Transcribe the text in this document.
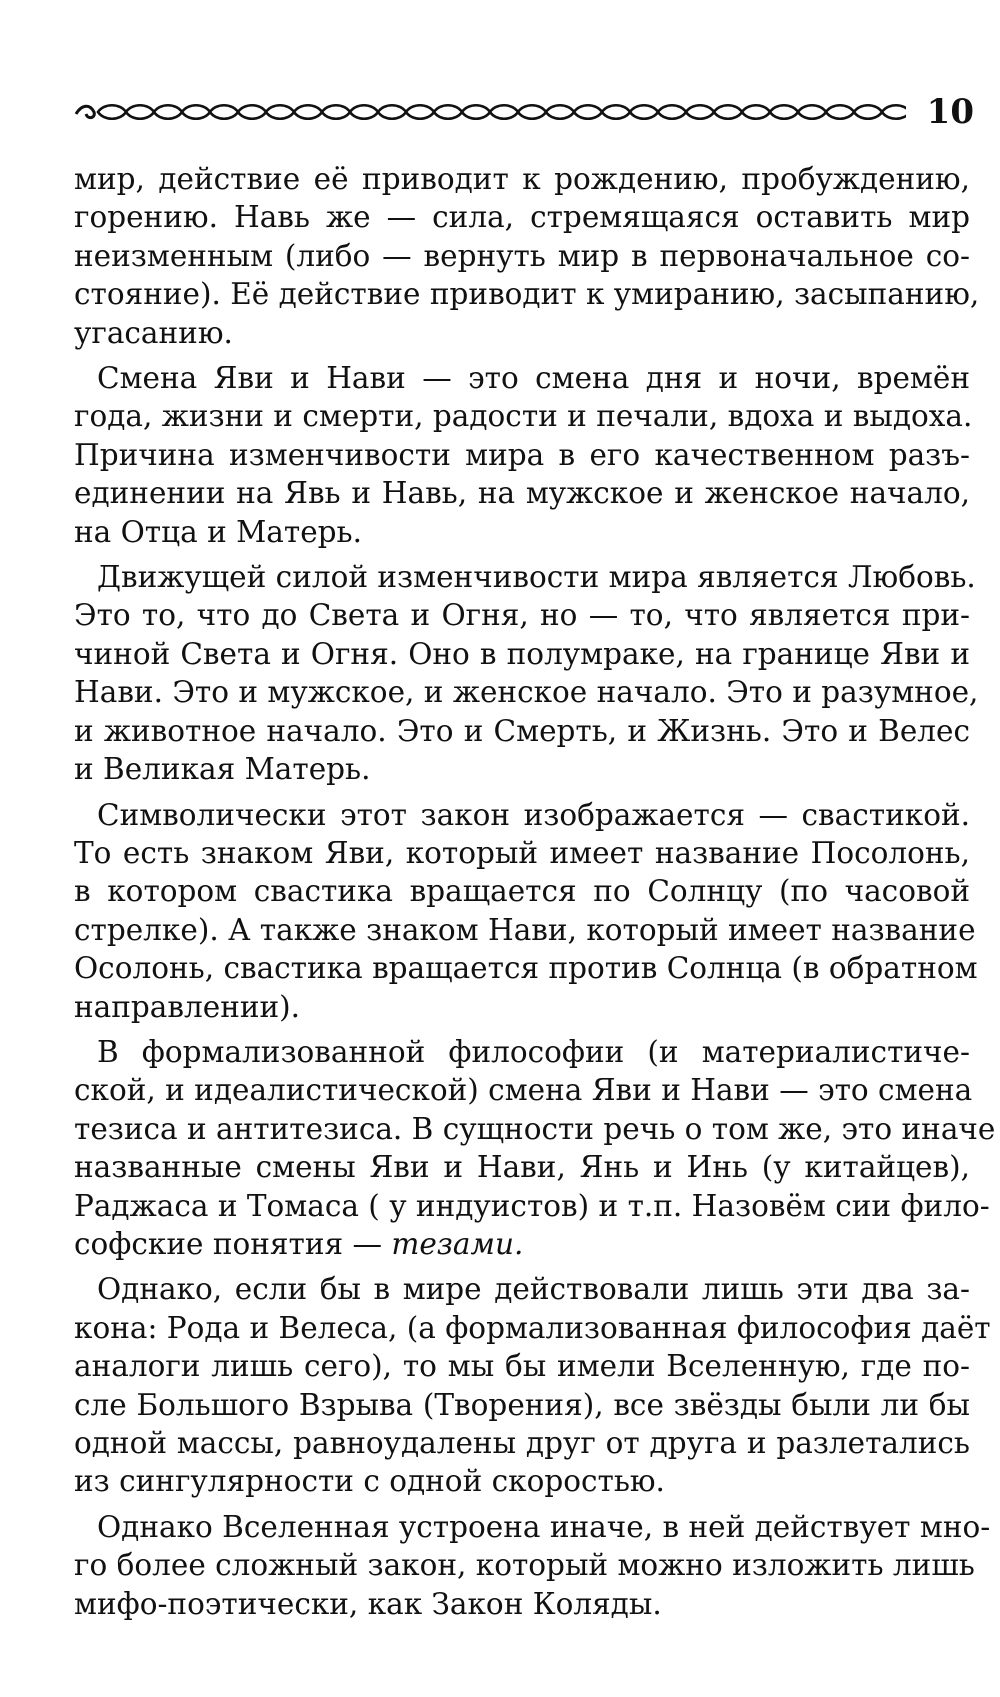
10

мир, действие её приводит к рождению, пробуждению,
горению. Навь же — сила, стремящаяся оставить мир
неизменным (либо — вернуть мир в первоначальное со-
стояние). Её действие приводит к умиранию, засыпанию,
угасанию.

Смена Яви и Нави — это смена дня и ночи, времён
года, жизни и смерти, радости и печали, вдоха и выдоха.
Причина изменчивости мира в его качественном разъ-
единении на Явь и Навь, на мужское и женское начало,
на Отца и Матерь.

Движущей силой изменчивости мира является Любовь.
Это то, что до Света и Огня, но — то, что является при-
чиной Света и Огня. Оно в полумраке, на границе Яви и
Нави. Это и мужское, и женское начало. Это и разумное,
и животное начало. Это и Смерть, и Жизнь. Это и Велес
и Великая Матерь.

Символически этот закон изображается — свастикой.
То есть знаком Яви, который имеет название Посолонь,
в котором свастика вращается по Солнцу (по часовой
стрелке). А также знаком Нави, который имеет название
Осолонь, свастика вращается против Солнца (в обратном
направлении).

В формализованной философии (и материалистиче-
ской, и идеалистической) смена Яви и Нави — это смена
тезиса и антитезиса. В сущности речь о том же, это иначе
названные смены Яви и Нави, Янь и Инь (у китайцев),
Раджаса и Томаса ( у индуистов) и т.п. Назовём сии фило-
софские понятия — тезами.

Однако, если бы в мире действовали лишь эти два за-
кона: Рода и Велеса, (а формализованная философия даёт
аналоги лишь сего), то мы бы имели Вселенную, где по-
сле Большого Взрыва (Творения), все звёзды были ли бы
одной массы, равноудалены друг от друга и разлетались
из сингулярности с одной скоростью.

Однако Вселенная устроена иначе, в ней действует мно-
го более сложный закон, который можно изложить лишь
мифо-поэтически, как Закон Коляды.
